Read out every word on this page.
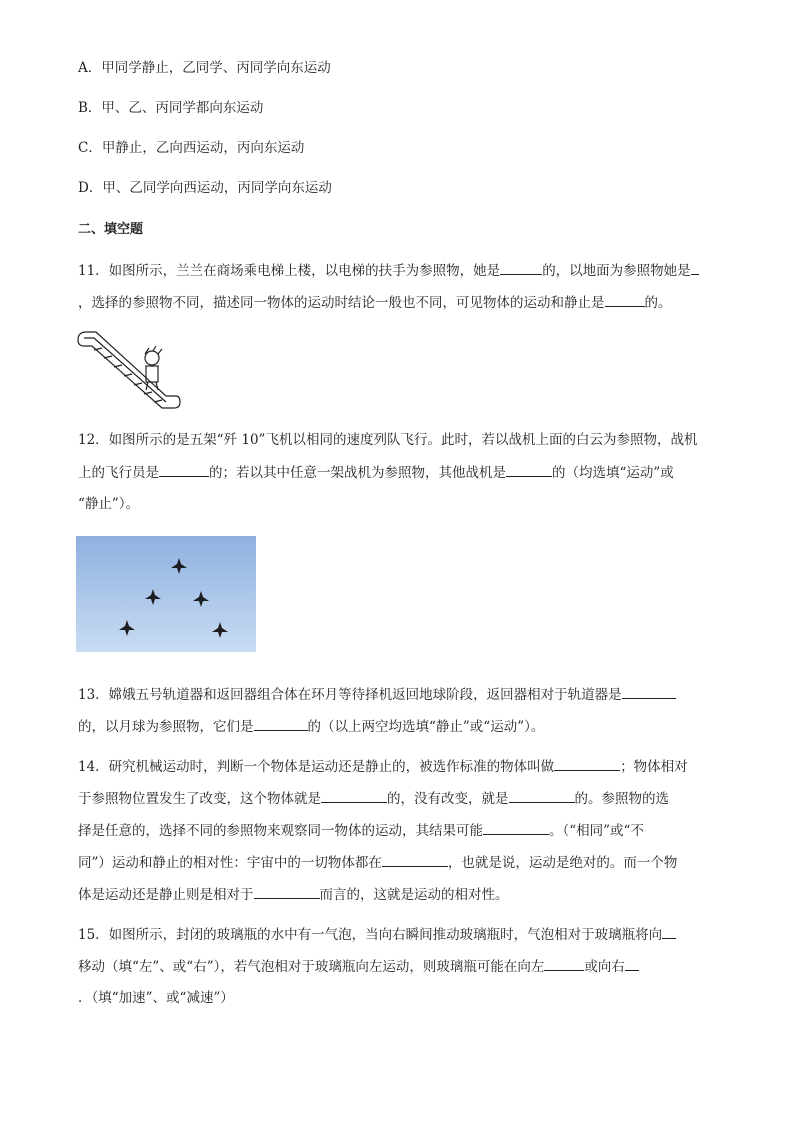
A．甲同学静止，乙同学、丙同学向东运动
B．甲、乙、丙同学都向东运动
C．甲静止，乙向西运动，丙向东运动
D．甲、乙同学向西运动，丙同学向东运动
二、填空题
11．如图所示，兰兰在商场乘电梯上楼，以电梯的扶手为参照物，她是	的，以地面为参照物她是
，选择的参照物不同，描述同一物体的运动时结论一般也不同，可见物体的运动和静止是	的。
12．如图所示的是五架“歼 10”飞机以相同的速度列队飞行。此时，若以战机上面的白云为参照物，战机
上的飞行员是	的；若以其中任意一架战机为参照物，其他战机是	的（均选填“运动”或
“静止”）。
13．嫦娥五号轨道器和返回器组合体在环月等待择机返回地球阶段，返回器相对于轨道器是
的，以月球为参照物，它们是	的（以上两空均选填“静止”或“运动”）。
14．研究机械运动时，判断一个物体是运动还是静止的，被选作标准的物体叫做	；物体相对
于参照物位置发生了改变，这个物体就是	的，没有改变，就是	的。参照物的选
择是任意的，选择不同的参照物来观察同一物体的运动，其结果可能	。（“相同”或“不
同”）运动和静止的相对性：宇宙中的一切物体都在	，也就是说，运动是绝对的。而一个物
体是运动还是静止则是相对于	而言的，这就是运动的相对性。
15．如图所示，封闭的玻璃瓶的水中有一气泡，当向右瞬间推动玻璃瓶时，气泡相对于玻璃瓶将向
移动（填“左”、或“右”），若气泡相对于玻璃瓶向左运动，则玻璃瓶可能在向左	或向右
．（填“加速”、或“减速”）
